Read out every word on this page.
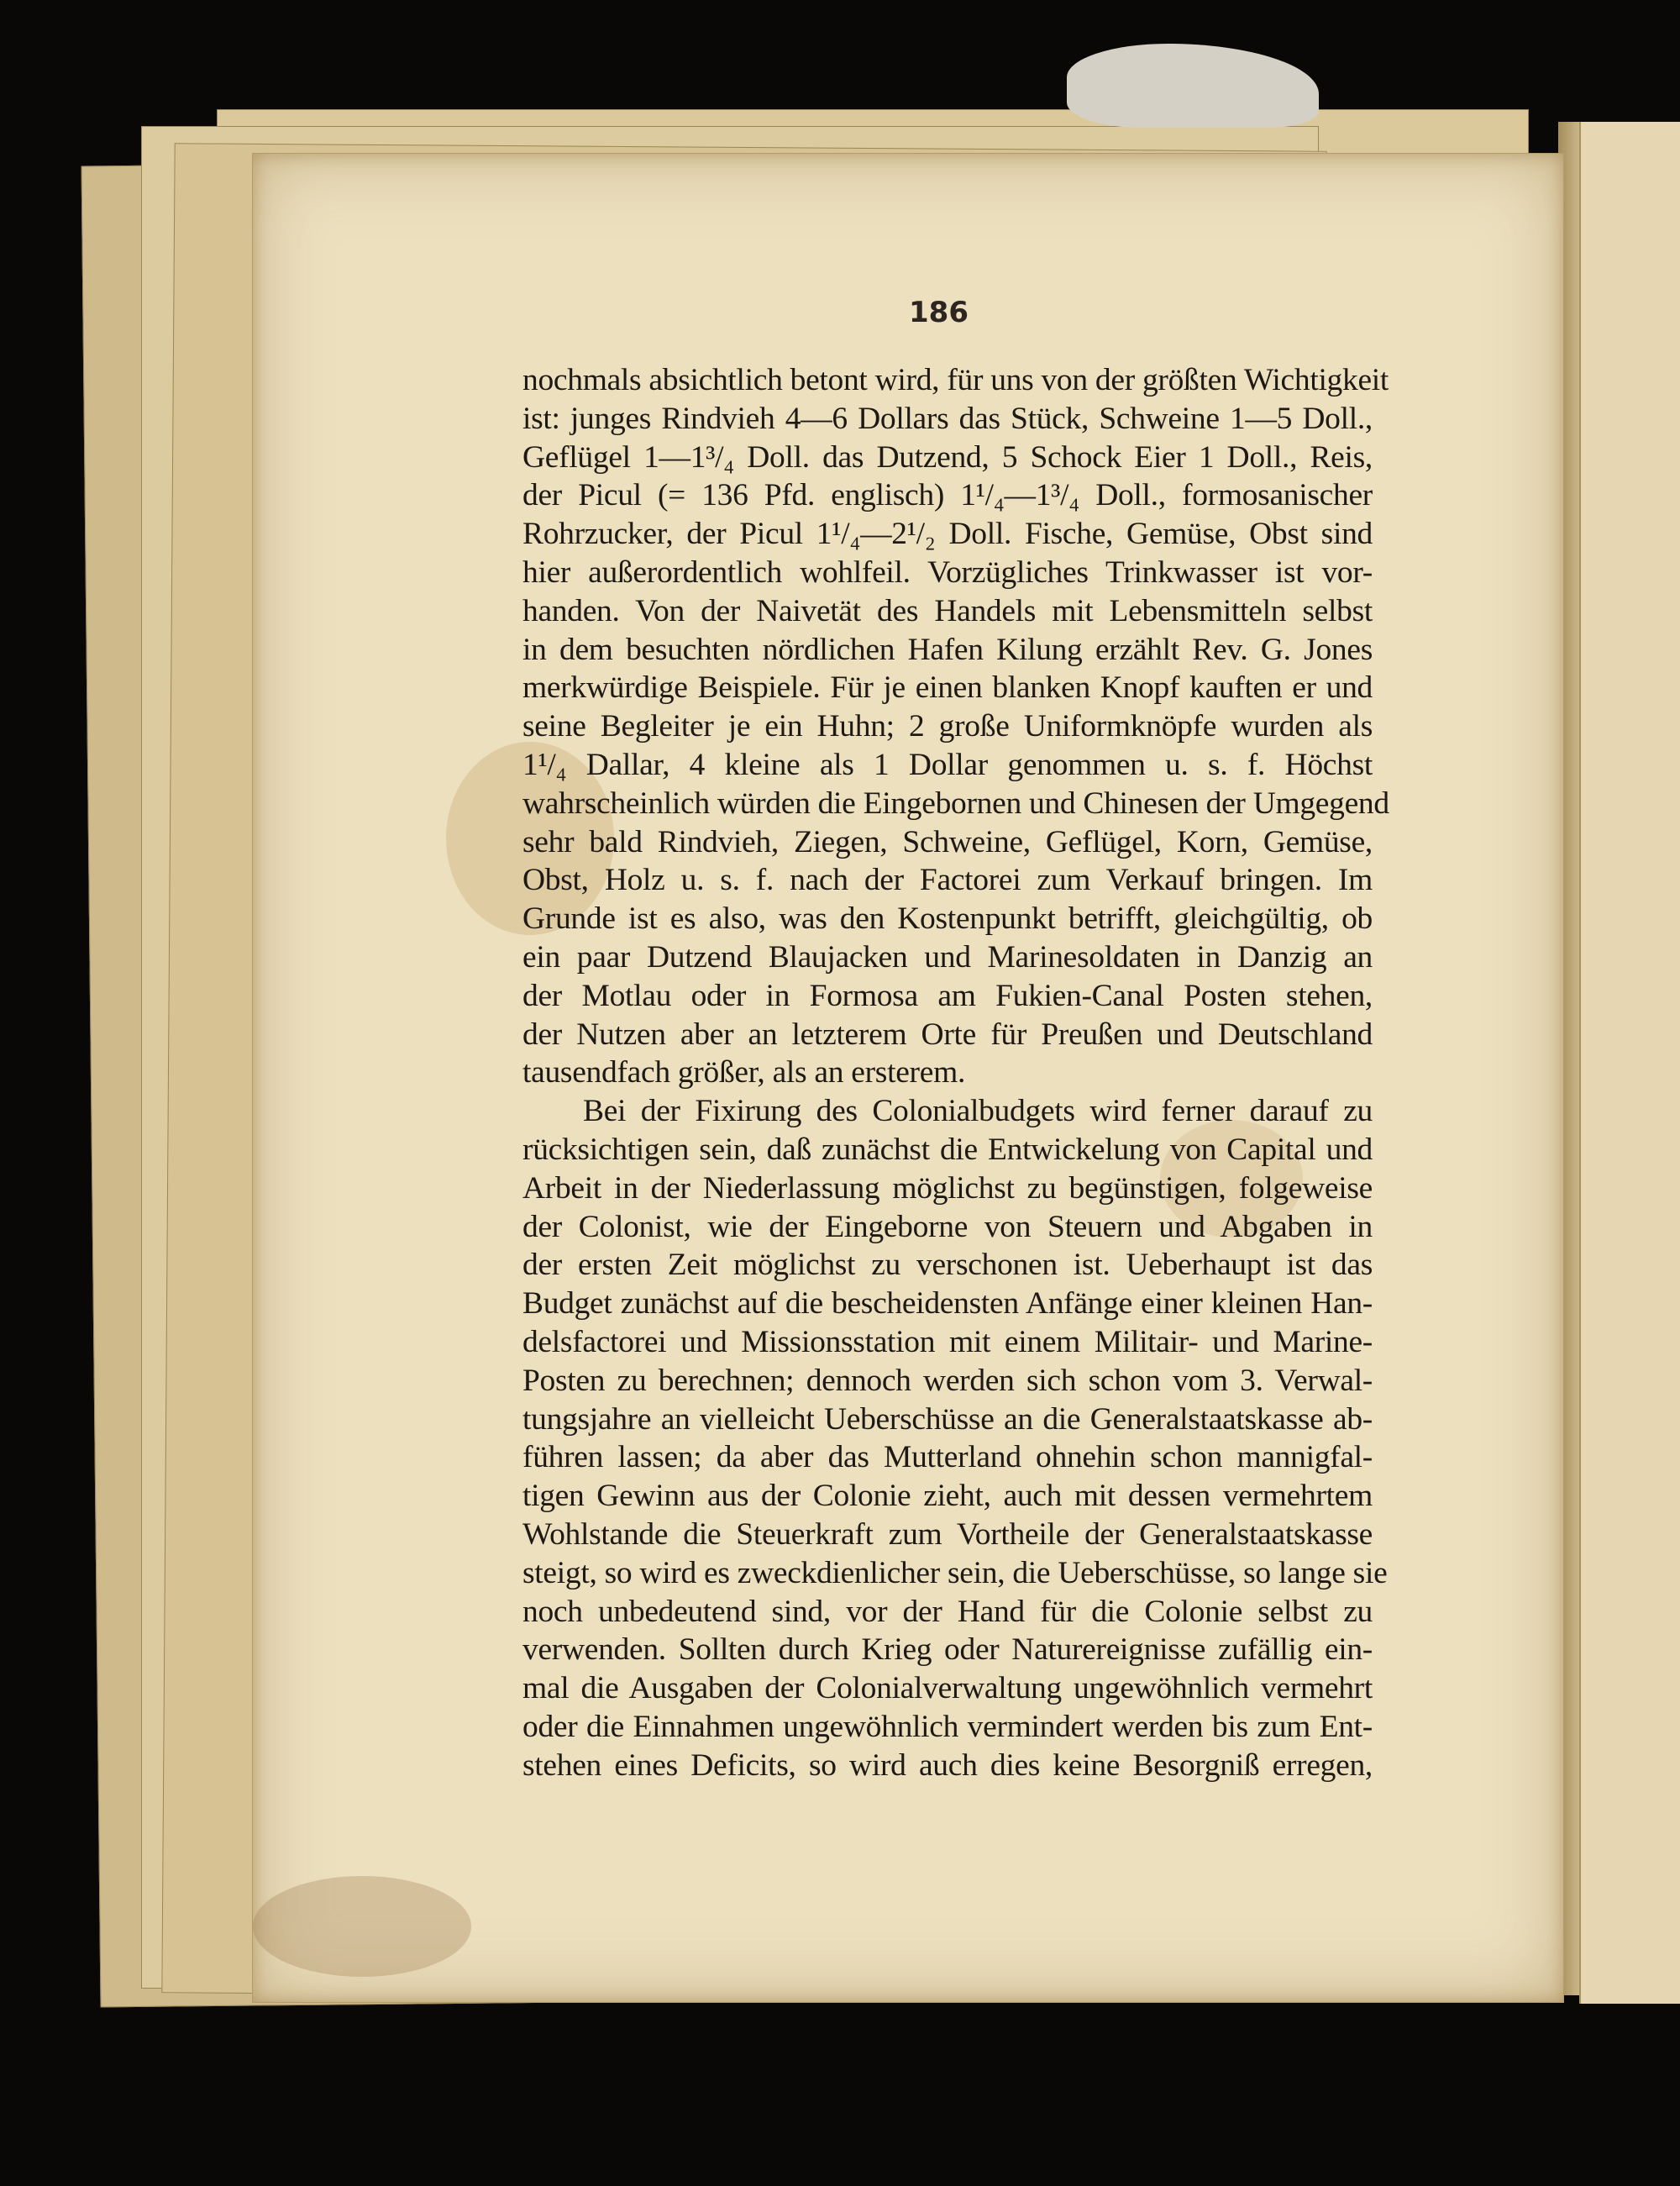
186
nochmals absichtlich betont wird, für uns von der größten Wichtigkeit
ist: junges Rindvieh 4—6 Dollars das Stück, Schweine 1—5 Doll.,
Geflügel 1—1³/₄ Doll. das Dutzend, 5 Schock Eier 1 Doll., Reis,
der Picul (= 136 Pfd. englisch) 1¹/₄—1³/₄ Doll., formosanischer
Rohrzucker, der Picul 1¹/₄—2¹/₂ Doll. Fische, Gemüse, Obst sind
hier außerordentlich wohlfeil. Vorzügliches Trinkwasser ist vor-
handen. Von der Naivetät des Handels mit Lebensmitteln selbst
in dem besuchten nördlichen Hafen Kilung erzählt Rev. G. Jones
merkwürdige Beispiele. Für je einen blanken Knopf kauften er und
seine Begleiter je ein Huhn; 2 große Uniformknöpfe wurden als
1¹/₄ Dallar, 4 kleine als 1 Dollar genommen u. s. f. Höchst
wahrscheinlich würden die Eingebornen und Chinesen der Umgegend
sehr bald Rindvieh, Ziegen, Schweine, Geflügel, Korn, Gemüse,
Obst, Holz u. s. f. nach der Factorei zum Verkauf bringen. Im
Grunde ist es also, was den Kostenpunkt betrifft, gleichgültig, ob
ein paar Dutzend Blaujacken und Marinesoldaten in Danzig an
der Motlau oder in Formosa am Fukien-Canal Posten stehen,
der Nutzen aber an letzterem Orte für Preußen und Deutschland
tausendfach größer, als an ersterem.
Bei der Fixirung des Colonialbudgets wird ferner darauf zu
rücksichtigen sein, daß zunächst die Entwickelung von Capital und
Arbeit in der Niederlassung möglichst zu begünstigen, folgeweise
der Colonist, wie der Eingeborne von Steuern und Abgaben in
der ersten Zeit möglichst zu verschonen ist. Ueberhaupt ist das
Budget zunächst auf die bescheidensten Anfänge einer kleinen Han-
delsfactorei und Missionsstation mit einem Militair- und Marine-
Posten zu berechnen; dennoch werden sich schon vom 3. Verwal-
tungsjahre an vielleicht Ueberschüsse an die Generalstaatskasse ab-
führen lassen; da aber das Mutterland ohnehin schon mannigfal-
tigen Gewinn aus der Colonie zieht, auch mit dessen vermehrtem
Wohlstande die Steuerkraft zum Vortheile der Generalstaatskasse
steigt, so wird es zweckdienlicher sein, die Ueberschüsse, so lange sie
noch unbedeutend sind, vor der Hand für die Colonie selbst zu
verwenden. Sollten durch Krieg oder Naturereignisse zufällig ein-
mal die Ausgaben der Colonialverwaltung ungewöhnlich vermehrt
oder die Einnahmen ungewöhnlich vermindert werden bis zum Ent-
stehen eines Deficits, so wird auch dies keine Besorgniß erregen,
